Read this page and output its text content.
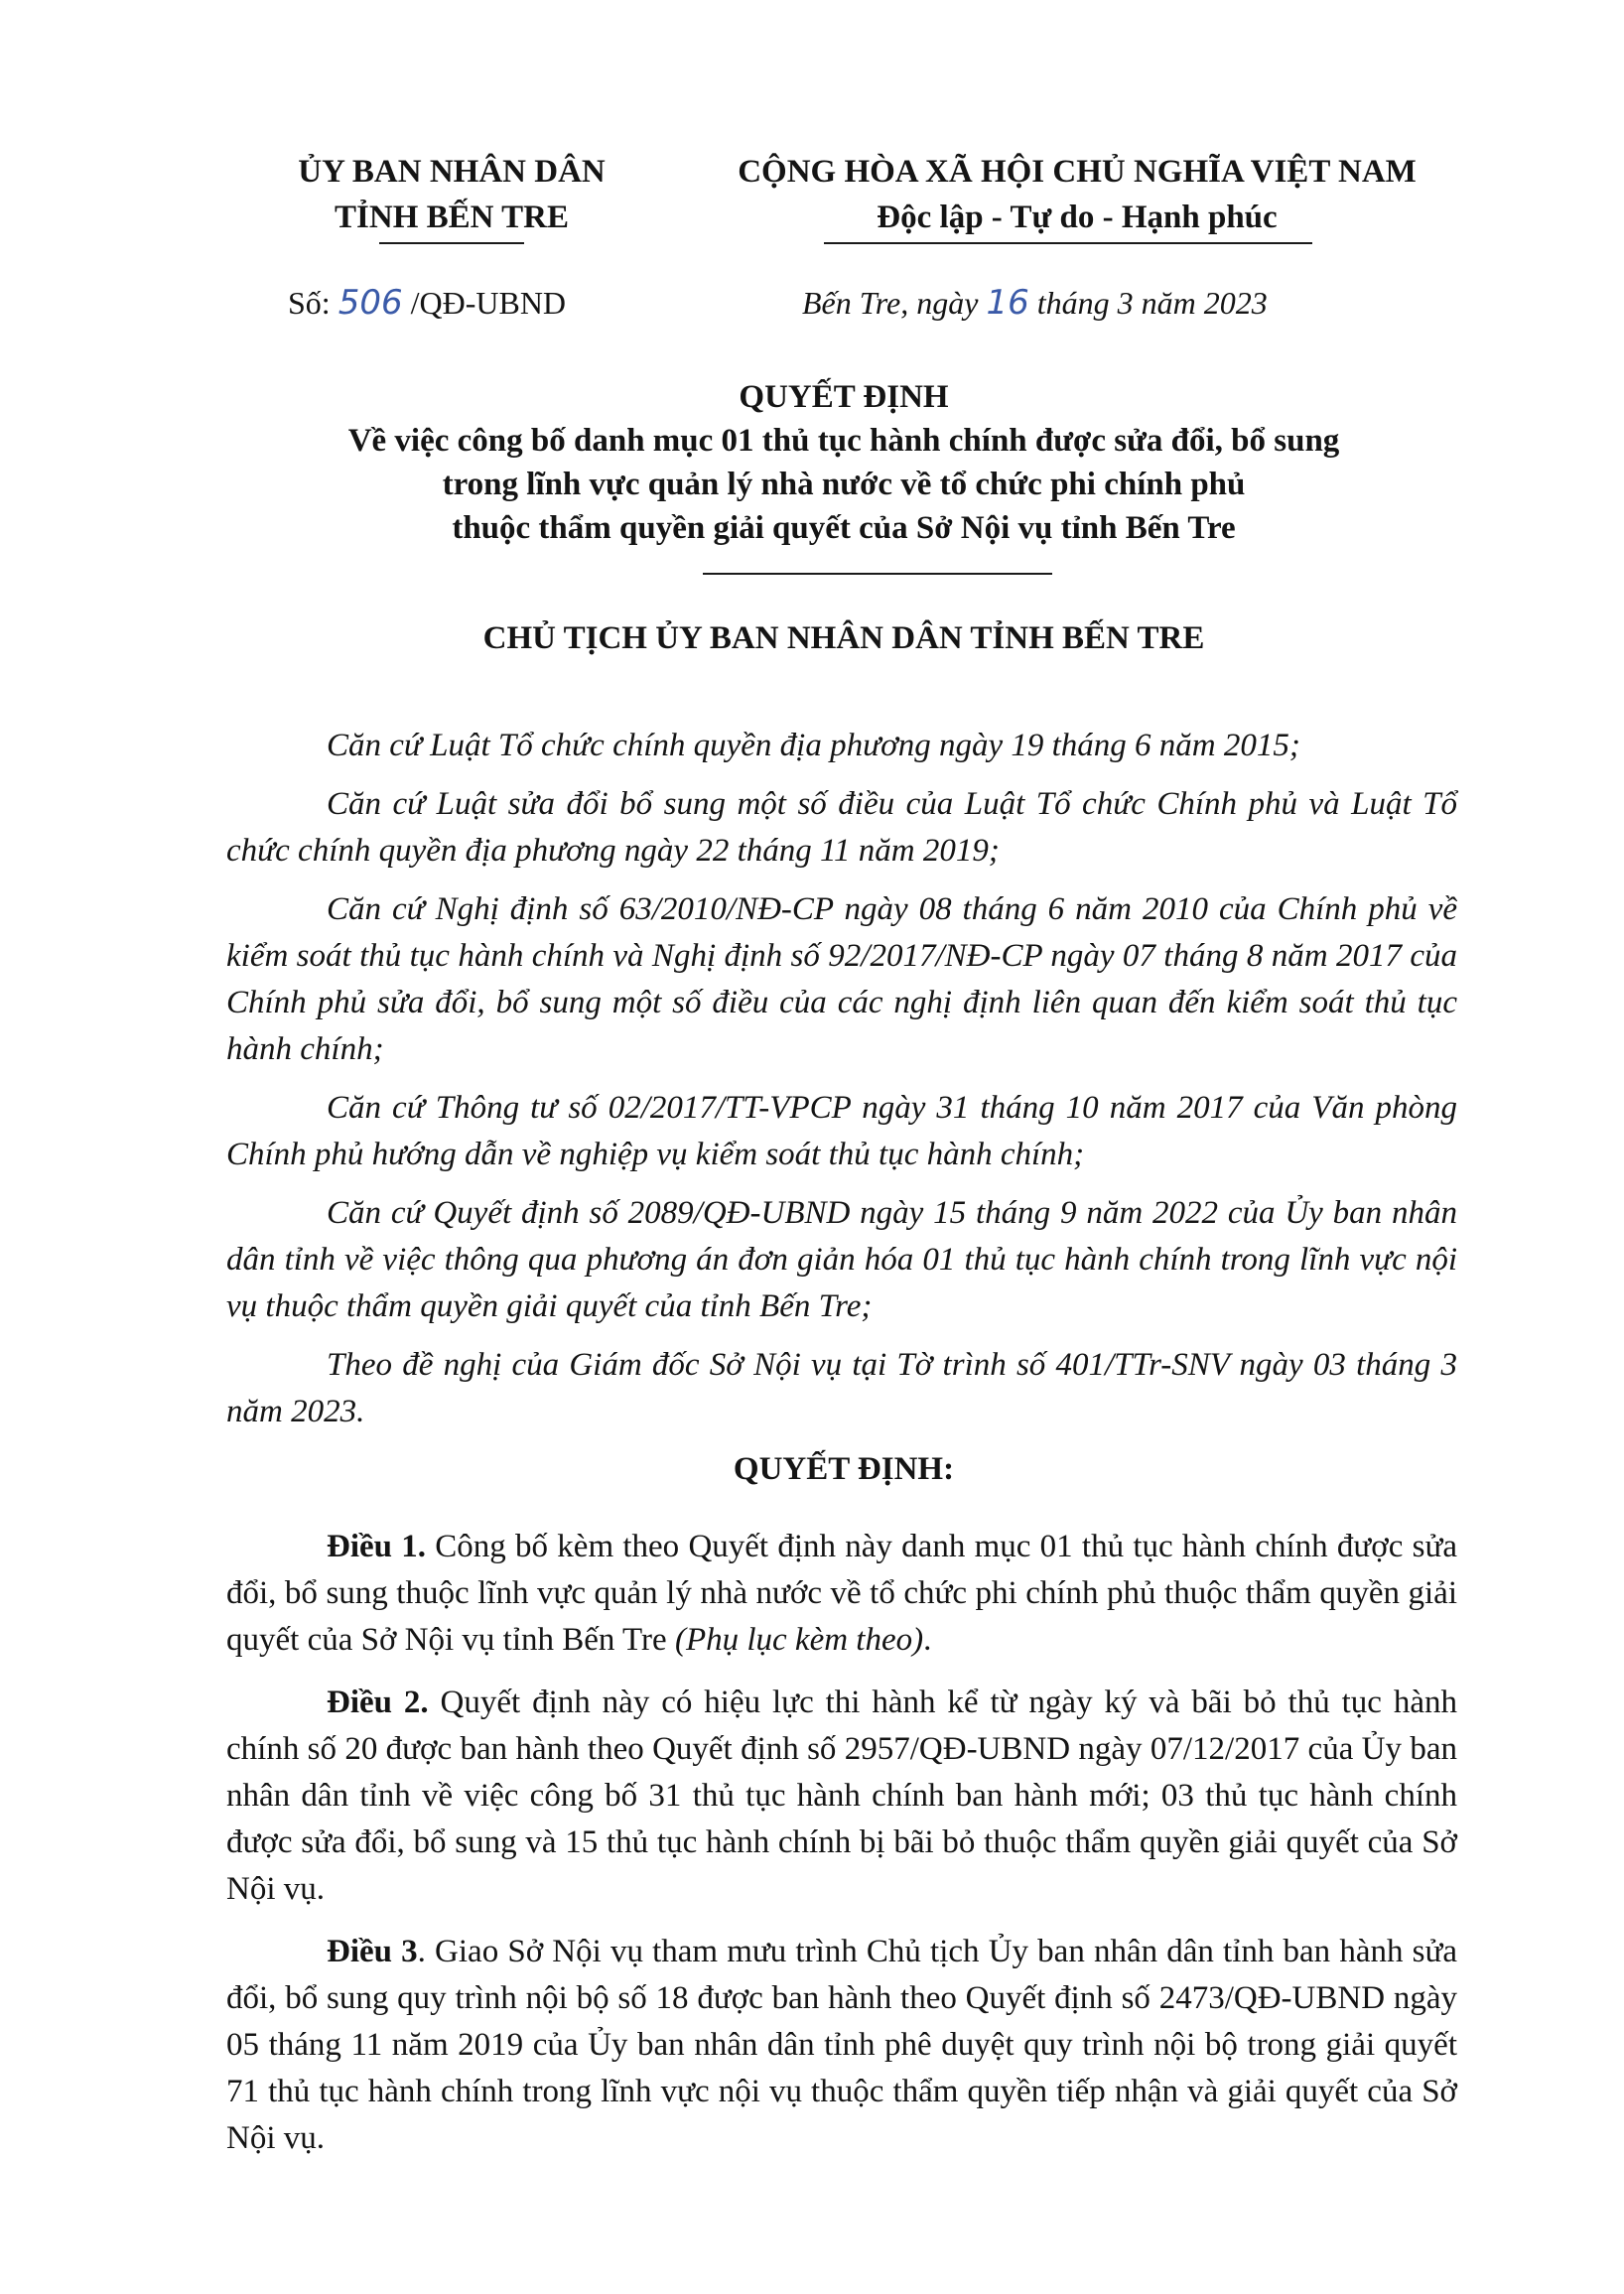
ỦY BAN NHÂN DÂN
TỈNH BẾN TRE
CỘNG HÒA XÃ HỘI CHỦ NGHĨA VIỆT NAM
Độc lập - Tự do - Hạnh phúc
Số: 506 /QĐ-UBND	Bến Tre, ngày 16 tháng 3 năm 2023
QUYẾT ĐỊNH
Về việc công bố danh mục 01 thủ tục hành chính được sửa đổi, bổ sung
trong lĩnh vực quản lý nhà nước về tổ chức phi chính phủ
thuộc thẩm quyền giải quyết của Sở Nội vụ tỉnh Bến Tre
CHỦ TỊCH ỦY BAN NHÂN DÂN TỈNH BẾN TRE

Căn cứ Luật Tổ chức chính quyền địa phương ngày 19 tháng 6 năm 2015;

Căn cứ Luật sửa đổi bổ sung một số điều của Luật Tổ chức Chính phủ và Luật Tổ chức chính quyền địa phương ngày 22 tháng 11 năm 2019;

Căn cứ Nghị định số 63/2010/NĐ-CP ngày 08 tháng 6 năm 2010 của Chính phủ về kiểm soát thủ tục hành chính và Nghị định số 92/2017/NĐ-CP ngày 07 tháng 8 năm 2017 của Chính phủ sửa đổi, bổ sung một số điều của các nghị định liên quan đến kiểm soát thủ tục hành chính;

Căn cứ Thông tư số 02/2017/TT-VPCP ngày 31 tháng 10 năm 2017 của Văn phòng Chính phủ hướng dẫn về nghiệp vụ kiểm soát thủ tục hành chính;

Căn cứ Quyết định số 2089/QĐ-UBND ngày 15 tháng 9 năm 2022 của Ủy ban nhân dân tỉnh về việc thông qua phương án đơn giản hóa 01 thủ tục hành chính trong lĩnh vực nội vụ thuộc thẩm quyền giải quyết của tỉnh Bến Tre;

Theo đề nghị của Giám đốc Sở Nội vụ tại Tờ trình số 401/TTr-SNV ngày 03 tháng 3 năm 2023.

QUYẾT ĐỊNH:

Điều 1. Công bố kèm theo Quyết định này danh mục 01 thủ tục hành chính được sửa đổi, bổ sung thuộc lĩnh vực quản lý nhà nước về tổ chức phi chính phủ thuộc thẩm quyền giải quyết của Sở Nội vụ tỉnh Bến Tre (Phụ lục kèm theo).

Điều 2. Quyết định này có hiệu lực thi hành kể từ ngày ký và bãi bỏ thủ tục hành chính số 20 được ban hành theo Quyết định số 2957/QĐ-UBND ngày 07/12/2017 của Ủy ban nhân dân tỉnh về việc công bố 31 thủ tục hành chính ban hành mới; 03 thủ tục hành chính được sửa đổi, bổ sung và 15 thủ tục hành chính bị bãi bỏ thuộc thẩm quyền giải quyết của Sở Nội vụ.

Điều 3. Giao Sở Nội vụ tham mưu trình Chủ tịch Ủy ban nhân dân tỉnh ban hành sửa đổi, bổ sung quy trình nội bộ số 18 được ban hành theo Quyết định số 2473/QĐ-UBND ngày 05 tháng 11 năm 2019 của Ủy ban nhân dân tỉnh phê duyệt quy trình nội bộ trong giải quyết 71 thủ tục hành chính trong lĩnh vực nội vụ thuộc thẩm quyền tiếp nhận và giải quyết của Sở Nội vụ.
